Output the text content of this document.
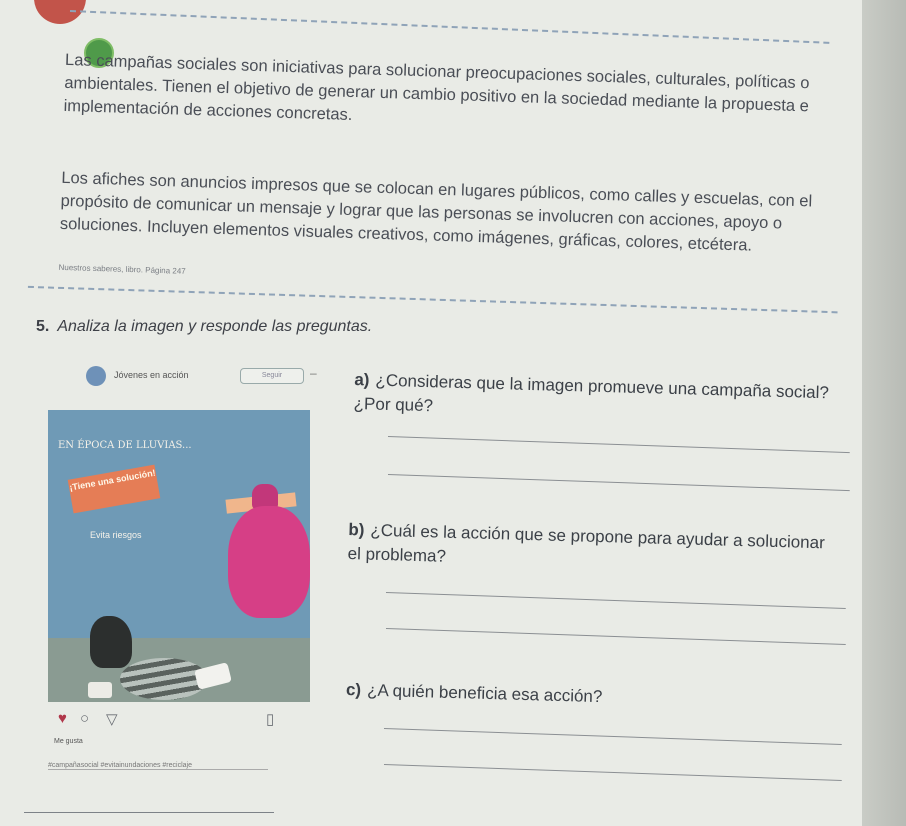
Las campañas sociales son iniciativas para solucionar preocupaciones sociales, culturales, políticas o ambientales. Tienen el objetivo de generar un cambio positivo en la sociedad mediante la propuesta e implementación de acciones concretas.

Los afiches son anuncios impresos que se colocan en lugares públicos, como calles y escuelas, con el propósito de comunicar un mensaje y lograr que las personas se involucren con acciones, apoyo o soluciones. Incluyen elementos visuales creativos, como imágenes, gráficas, colores, etcétera.

Nuestros saberes, libro. Página 247
5. Analiza la imagen y responde las preguntas.
Jóvenes en acción	Seguir	–
EN ÉPOCA DE LLUVIAS...
¡Tiene una solución!
Evita riesgos
♥ ○ ▽	▯
Me gusta
#campañasocial #evitainundaciones #reciclaje
a) ¿Consideras que la imagen promueve una campaña social? ¿Por qué?
b) ¿Cuál es la acción que se propone para ayudar a solucionar el problema?
c) ¿A quién beneficia esa acción?
